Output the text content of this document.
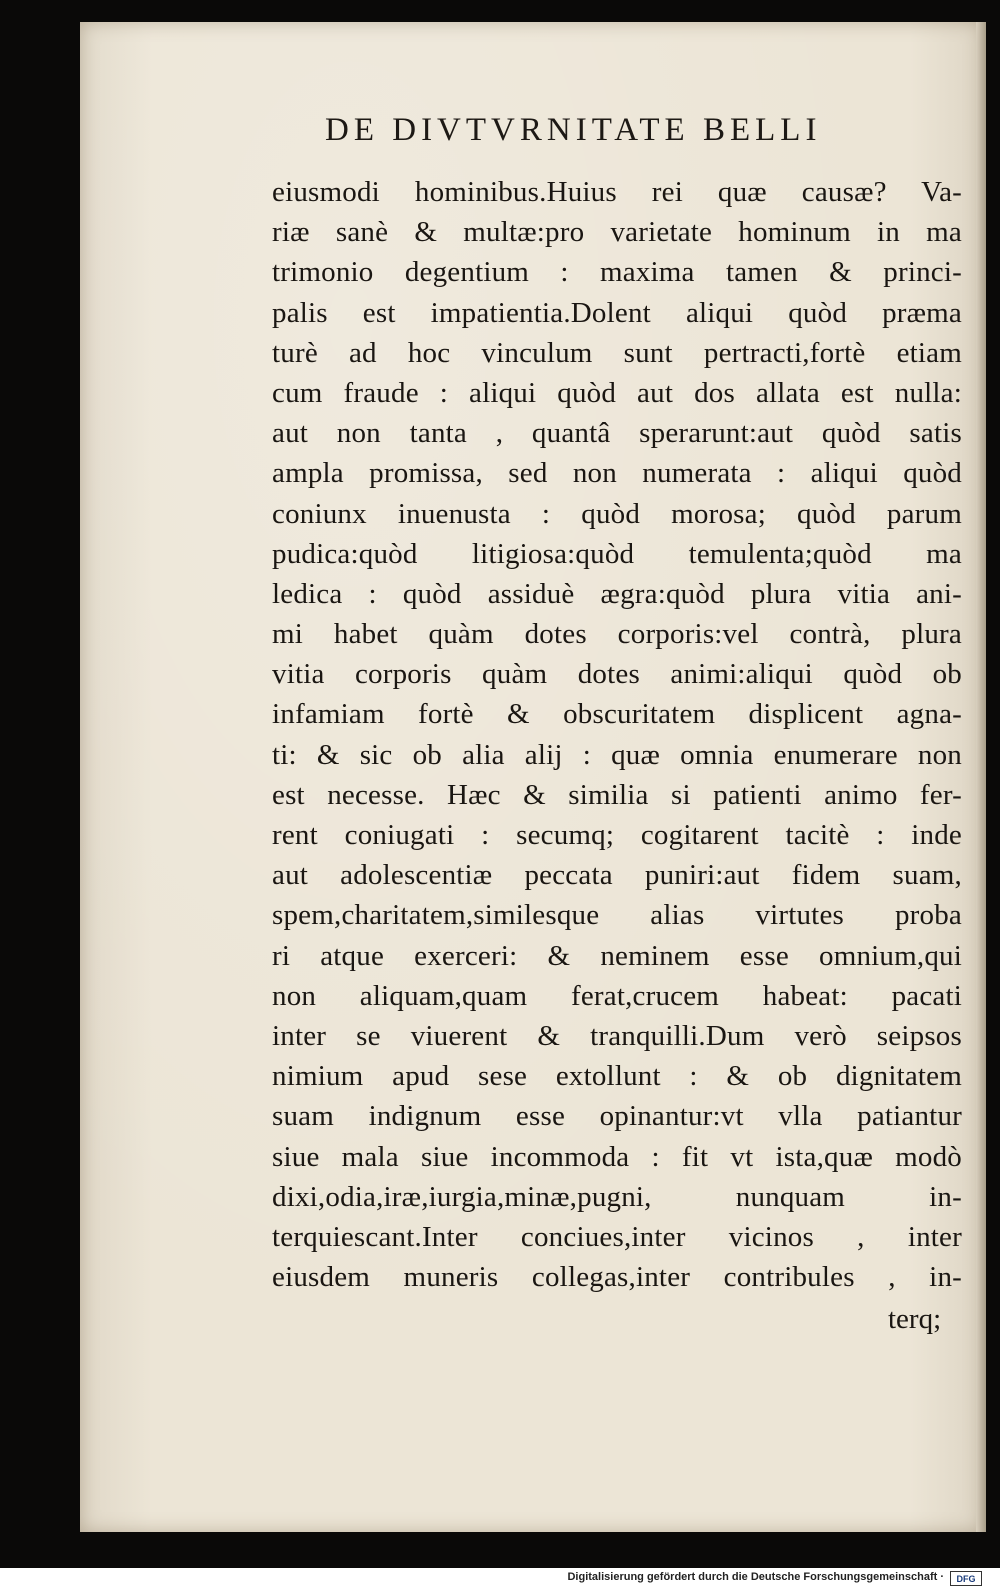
DE DIVTVRNITATE BELLI
eiusmodi hominibus.Huius rei quæ causæ? Va-
riæ sanè & multæ:pro varietate hominum in ma
trimonio degentium : maxima tamen & princi-
palis est impatientia.Dolent aliqui quòd præma
turè ad hoc vinculum sunt pertracti,fortè etiam
cum fraude : aliqui quòd aut dos allata est nulla:
aut non tanta , quantâ sperarunt:aut quòd satis
ampla promissa, sed non numerata : aliqui quòd
coniunx inuenusta : quòd morosa; quòd parum
pudica:quòd litigiosa:quòd temulenta;quòd ma
ledica : quòd assiduè ægra:quòd plura vitia ani-
mi habet quàm dotes corporis:vel contrà, plura
vitia corporis quàm dotes animi:aliqui quòd ob
infamiam fortè & obscuritatem displicent agna-
ti: & sic ob alia alij : quæ omnia enumerare non
est necesse. Hæc & similia si patienti animo fer-
rent coniugati : secumq; cogitarent tacitè : inde
aut adolescentiæ peccata puniri:aut fidem suam,
spem,charitatem,similesque alias virtutes proba
ri atque exerceri: & neminem esse omnium,qui
non aliquam,quam ferat,crucem habeat: pacati
inter se viuerent & tranquilli.Dum verò seipsos
nimium apud sese extollunt : & ob dignitatem
suam indignum esse opinantur:vt vlla patiantur
siue mala siue incommoda : fit vt ista,quæ modò
dixi,odia,iræ,iurgia,minæ,pugni, nunquam in-
terquiescant.Inter conciues,inter vicinos , inter
eiusdem muneris collegas,inter contribules , in-
terq;
Digitalisierung gefördert durch die Deutsche Forschungsgemeinschaft ·	DFG
